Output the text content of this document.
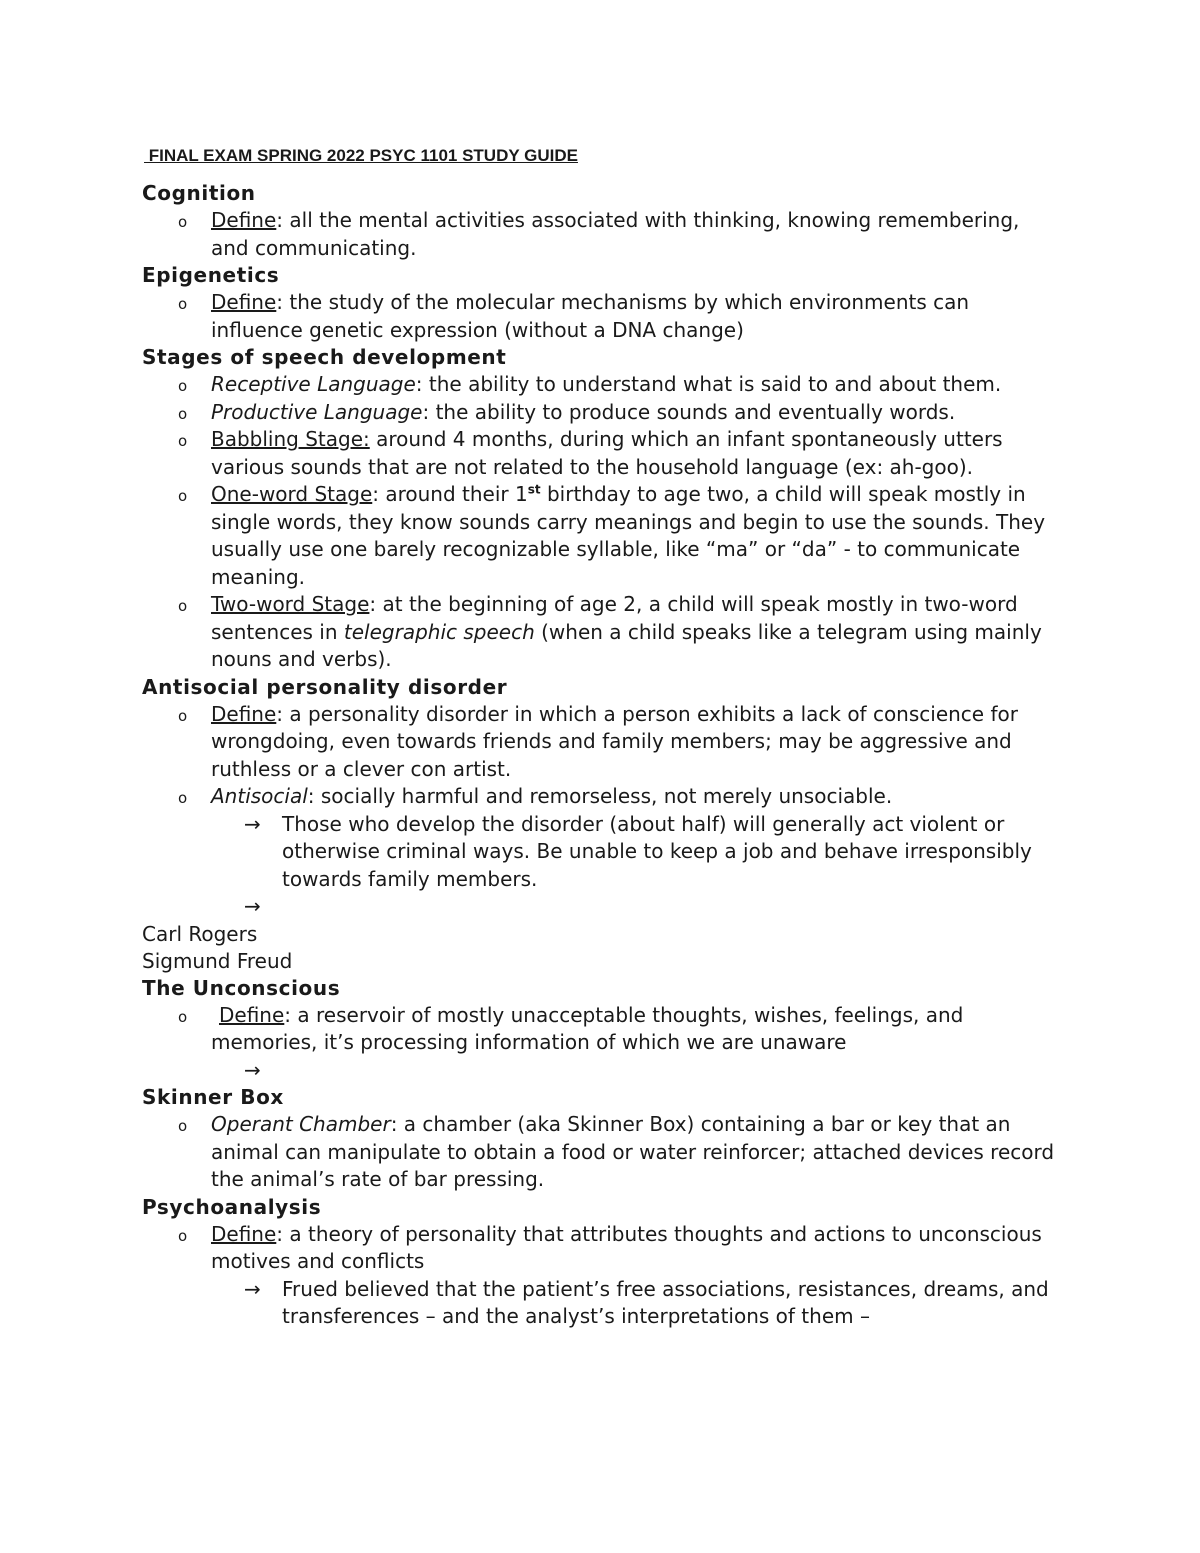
FINAL EXAM SPRING 2022 PSYC 1101 STUDY GUIDE

Cognition

o Define: all the mental activities associated with thinking, knowing remembering, and communicating.

Epigenetics

o Define: the study of the molecular mechanisms by which environments can influence genetic expression (without a DNA change)

Stages of speech development

o Receptive Language: the ability to understand what is said to and about them.
o Productive Language: the ability to produce sounds and eventually words.
o Babbling Stage: around 4 months, during which an infant spontaneously utters various sounds that are not related to the household language (ex: ah-goo).
o One-word Stage: around their 1st birthday to age two, a child will speak mostly in single words, they know sounds carry meanings and begin to use the sounds. They usually use one barely recognizable syllable, like “ma” or “da” - to communicate meaning.
o Two-word Stage: at the beginning of age 2, a child will speak mostly in two-word sentences in telegraphic speech (when a child speaks like a telegram using mainly nouns and verbs).

Antisocial personality disorder

o Define: a personality disorder in which a person exhibits a lack of conscience for wrongdoing, even towards friends and family members; may be aggressive and ruthless or a clever con artist.
o Antisocial: socially harmful and remorseless, not merely unsociable.
→ Those who develop the disorder (about half) will generally act violent or otherwise criminal ways. Be unable to keep a job and behave irresponsibly towards family members.
→

Carl Rogers

Sigmund Freud

The Unconscious

o Define: a reservoir of mostly unacceptable thoughts, wishes, feelings, and memories, it’s processing information of which we are unaware
→

Skinner Box

o Operant Chamber: a chamber (aka Skinner Box) containing a bar or key that an animal can manipulate to obtain a food or water reinforcer; attached devices record the animal’s rate of bar pressing.

Psychoanalysis

o Define: a theory of personality that attributes thoughts and actions to unconscious motives and conflicts
→ Frued believed that the patient’s free associations, resistances, dreams, and transferences – and the analyst’s interpretations of them –
